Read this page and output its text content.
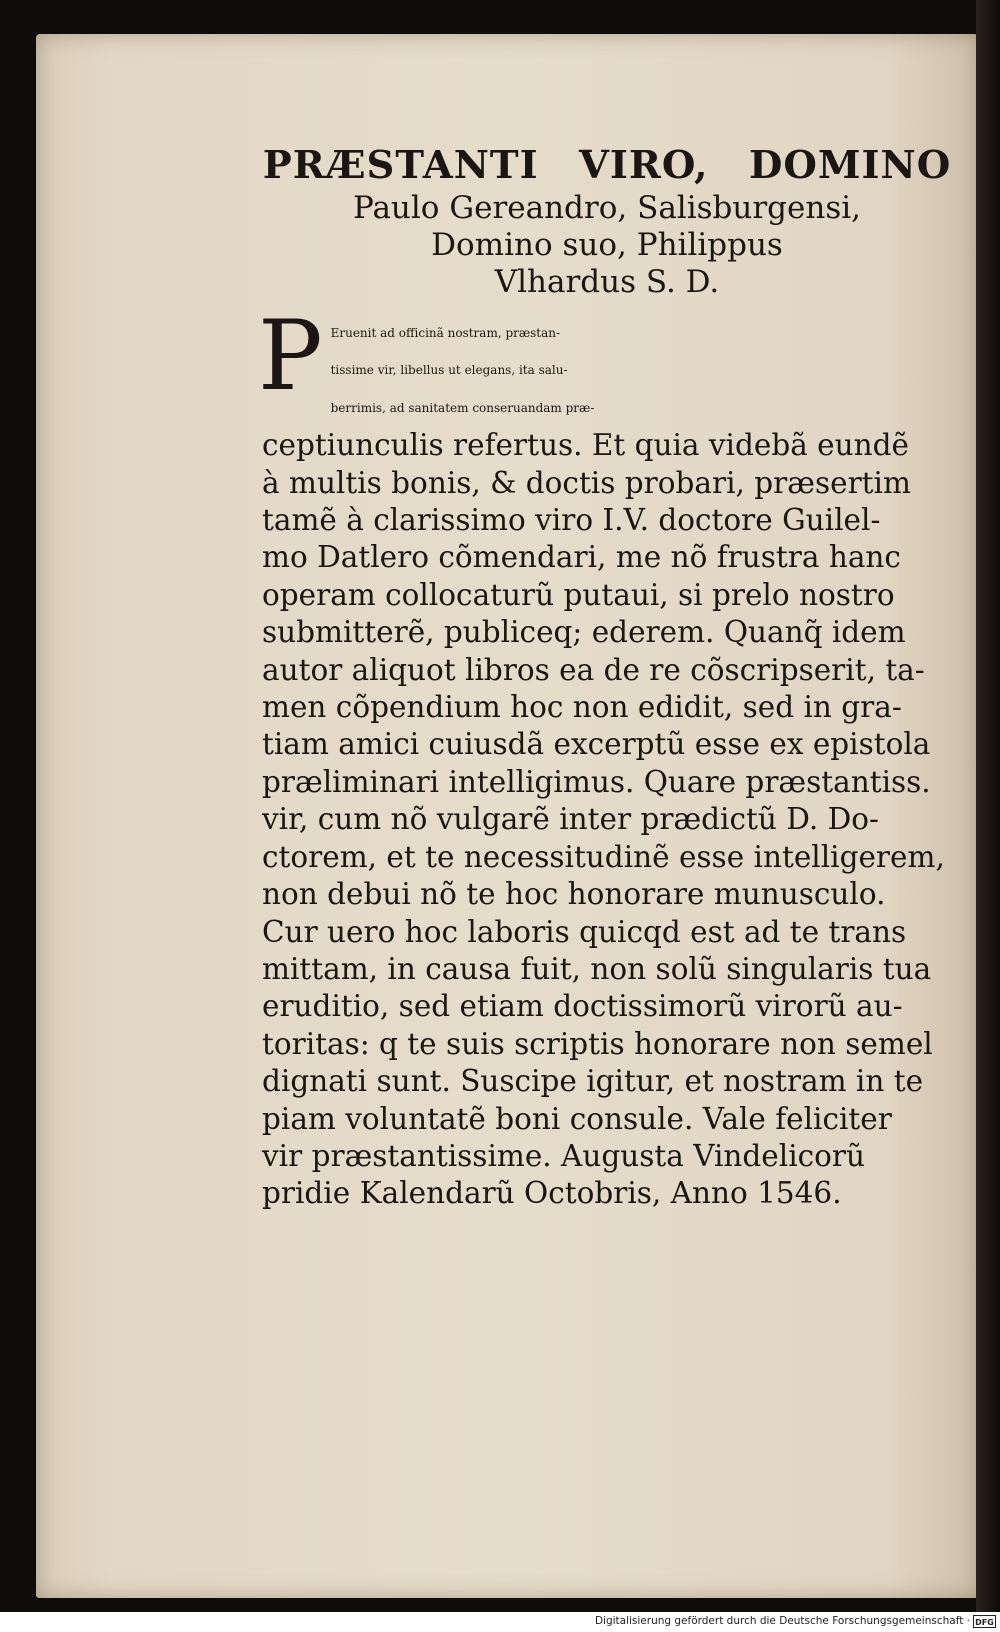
PRÆSTANTI VIRO, DOMINO

Paulo Gereandro, Salisburgensi,

Domino suo, Philippus

Vlhardus S. D.

P Eruenit ad officinã nostram, præstan-
tissime vir, libellus ut elegans, ita salu-
berrimis, ad sanitatem conseruandam præ-
ceptiunculis refertus. Et quia videbã eundẽ
à multis bonis, & doctis probari, præsertim
tamẽ à clarissimo viro I.V. doctore Guilel-
mo Datlero cõmendari, me nõ frustra hanc
operam collocaturũ putaui, si prelo nostro
submitterẽ, publiceq; ederem. Quanq̃ idem
autor aliquot libros ea de re cõscripserit, ta-
men cõpendium hoc non edidit, sed in gra-
tiam amici cuiusdã excerptũ esse ex epistola
præliminari intelligimus. Quare præstantiss.
vir, cum nõ vulgarẽ inter prædictũ D. Do-
ctorem, et te necessitudinẽ esse intelligerem,
non debui nõ te hoc honorare munusculo.
Cur uero hoc laboris quicqd est ad te trans
mittam, in causa fuit, non solũ singularis tua
eruditio, sed etiam doctissimorũ virorũ au-
toritas: q te suis scriptis honorare non semel
dignati sunt. Suscipe igitur, et nostram in te
piam voluntatẽ boni consule. Vale feliciter
vir præstantissime. Augusta Vindelicorũ
pridie Kalendarũ Octobris, Anno 1546.
Digitalisierung gefördert durch die Deutsche Forschungsgemeinschaft · DFG
